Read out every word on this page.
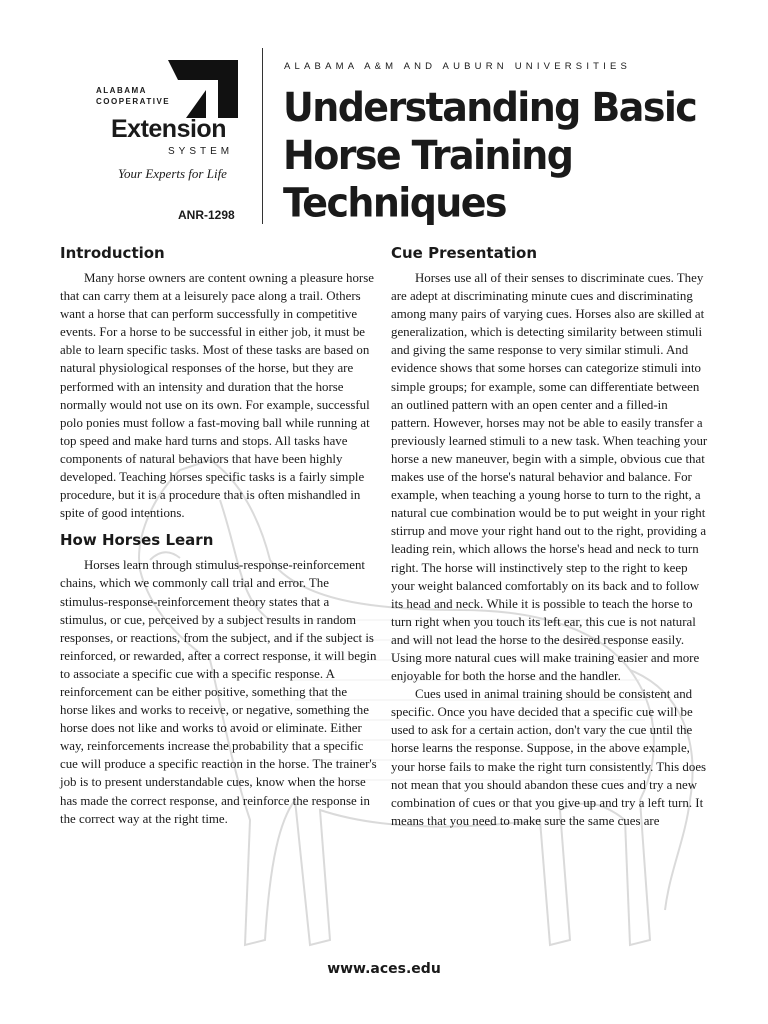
ALABAMA
COOPERATIVE
Extension
SYSTEM
Your Experts for Life
ANR-1298
ALABAMA A&M AND AUBURN UNIVERSITIES
Understanding Basic Horse Training Techniques
Introduction

Many horse owners are content owning a pleasure horse that can carry them at a leisurely pace along a trail. Others want a horse that can perform successfully in competitive events. For a horse to be successful in either job, it must be able to learn specific tasks. Most of these tasks are based on natural physiological responses of the horse, but they are performed with an intensity and duration that the horse normally would not use on its own. For example, successful polo ponies must follow a fast-moving ball while running at top speed and make hard turns and stops. All tasks have components of natural behaviors that have been highly developed. Teaching horses specific tasks is a fairly simple procedure, but it is a procedure that is often mishandled in spite of good intentions.

How Horses Learn

Horses learn through stimulus-response-reinforcement chains, which we commonly call trial and error. The stimulus-response-reinforcement theory states that a stimulus, or cue, perceived by a subject results in random responses, or reactions, from the subject, and if the subject is reinforced, or rewarded, after a correct response, it will begin to associate a specific cue with a specific response. A reinforcement can be either positive, something that the horse likes and works to receive, or negative, something the horse does not like and works to avoid or eliminate. Either way, reinforcements increase the probability that a specific cue will produce a specific reaction in the horse. The trainer's job is to present understandable cues, know when the horse has made the correct response, and reinforce the response in the correct way at the right time.

Cue Presentation

Horses use all of their senses to discriminate cues. They are adept at discriminating minute cues and discriminating among many pairs of varying cues. Horses also are skilled at generalization, which is detecting similarity between stimuli and giving the same response to very similar stimuli. And evidence shows that some horses can categorize stimuli into simple groups; for example, some can differentiate between an outlined pattern with an open center and a filled-in pattern. However, horses may not be able to easily transfer a previously learned stimuli to a new task. When teaching your horse a new maneuver, begin with a simple, obvious cue that makes use of the horse's natural behavior and balance. For example, when teaching a young horse to turn to the right, a natural cue combination would be to put weight in your right stirrup and move your right hand out to the right, providing a leading rein, which allows the horse's head and neck to turn right. The horse will instinctively step to the right to keep your weight balanced comfortably on its back and to follow its head and neck. While it is possible to teach the horse to turn right when you touch its left ear, this cue is not natural and will not lead the horse to the desired response easily. Using more natural cues will make training easier and more enjoyable for both the horse and the handler.

Cues used in animal training should be consistent and specific. Once you have decided that a specific cue will be used to ask for a certain action, don't vary the cue until the horse learns the response. Suppose, in the above example, your horse fails to make the right turn consistently. This does not mean that you should abandon these cues and try a new combination of cues or that you give up and try a left turn. It means that you need to make sure the same cues are

www.aces.edu
